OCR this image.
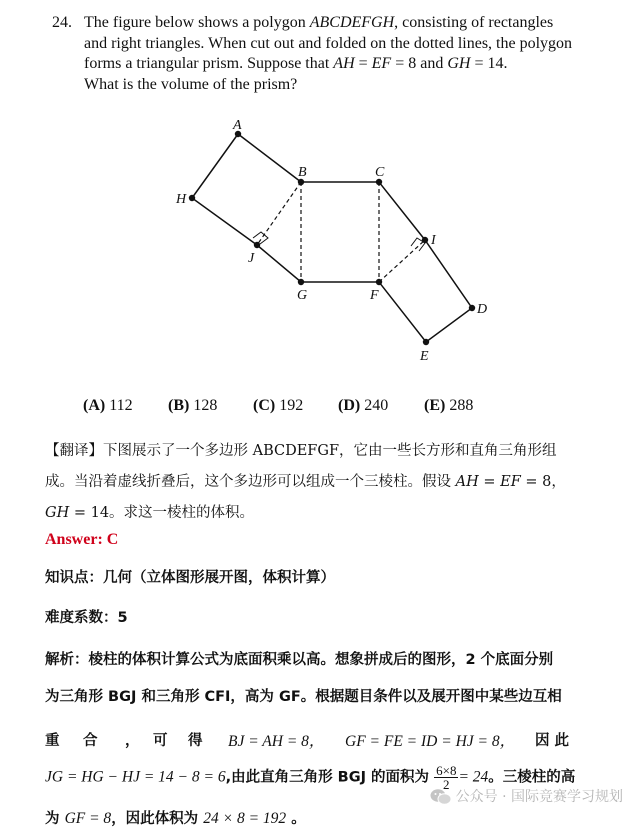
24. The figure below shows a polygon ABCDEFGH, consisting of rectangles
and right triangles. When cut out and folded on the dotted lines, the polygon
forms a triangular prism. Suppose that AH = EF = 8 and GH = 14.
What is the volume of the prism?
A
B	C
D
E
F
G
H
I
J
(A) 112 (B) 128 (C) 192 (D) 240 (E) 288
【翻译】下图展示了一个多边形 ABCDEFGF，它由一些长方形和直角三角形组
成。当沿着虚线折叠后，这个多边形可以组成一个三棱柱。假设 AH = EF = 8，
GH = 14。求这一棱柱的体积。
Answer: C
知识点：几何（立体图形展开图，体积计算）
难度系数：5
解析：棱柱的体积计算公式为底面积乘以高。想象拼成后的图形，2 个底面分别
为三角形 BGJ 和三角形 CFI，高为 GF。根据题目条件以及展开图中某些边互相
重 合 ， 可 得 BJ = AH = 8， GF = FE = ID = HJ = 8， 因 此
JG = HG − HJ = 14 − 8 = 6,由此直角三角形 BGJ 的面积为 $\frac{6\times 8}{2} = 24$。三棱柱的高
为 GF = 8，因此体积为 24 × 8 = 192 。
公众号 · 国际竞赛学习规划
